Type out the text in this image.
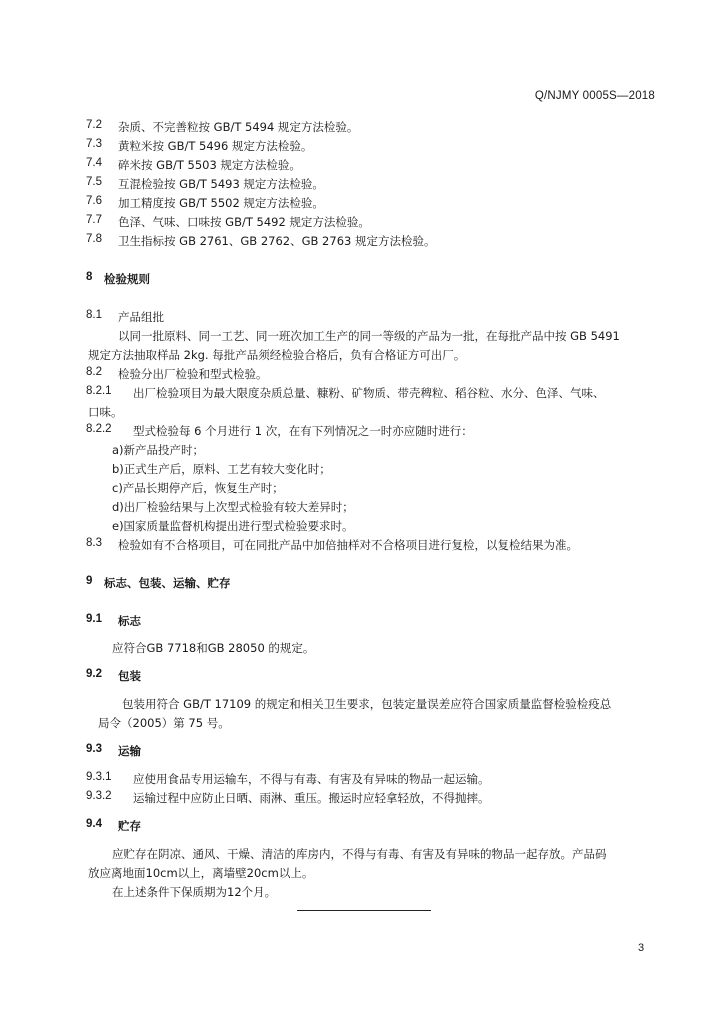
Q/NJMY 0005S—2018
7.2 杂质、不完善粒按 GB/T 5494 规定方法检验。
7.3 黄粒米按 GB/T 5496 规定方法检验。
7.4 碎米按 GB/T 5503 规定方法检验。
7.5 互混检验按 GB/T 5493 规定方法检验。
7.6 加工精度按 GB/T 5502 规定方法检验。
7.7 色泽、气味、口味按 GB/T 5492 规定方法检验。
7.8 卫生指标按 GB 2761、GB 2762、GB 2763 规定方法检验。
8 检验规则
8.1 产品组批
以同一批原料、同一工艺、同一班次加工生产的同一等级的产品为一批，在每批产品中按 GB 5491
规定方法抽取样品 2kg. 每批产品须经检验合格后，负有合格证方可出厂。
8.2 检验分出厂检验和型式检验。
8.2.1 出厂检验项目为最大限度杂质总量、糠粉、矿物质、带壳稗粒、稻谷粒、水分、色泽、气味、
口味。
8.2.2 型式检验每 6 个月进行 1 次，在有下列情况之一时亦应随时进行：
a)新产品投产时；
b)正式生产后，原料、工艺有较大变化时；
c)产品长期停产后，恢复生产时；
d)出厂检验结果与上次型式检验有较大差异时；
e)国家质量监督机构提出进行型式检验要求时。
8.3 检验如有不合格项目，可在同批产品中加倍抽样对不合格项目进行复检，以复检结果为准。
9 标志、包装、运输、贮存
9.1 标志
应符合GB 7718和GB 28050 的规定。
9.2 包装
包装用符合 GB/T 17109 的规定和相关卫生要求，包装定量误差应符合国家质量监督检验检疫总
局令（2005）第 75 号。
9.3 运输
9.3.1 应使用食品专用运输车，不得与有毒、有害及有异味的物品一起运输。
9.3.2 运输过程中应防止日晒、雨淋、重压。搬运时应轻拿轻放，不得抛摔。
9.4 贮存
应贮存在阴凉、通风、干燥、清洁的库房内，不得与有毒、有害及有异味的物品一起存放。产品码
放应离地面10cm以上，离墙壁20cm以上。
在上述条件下保质期为12个月。
3
